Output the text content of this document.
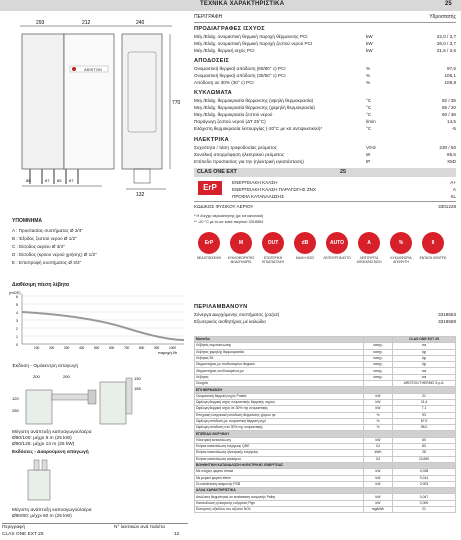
ΤΕΧΝΙΚΑ ΧΑΡΑΚΤΗΡΙΣΤΙΚΑ	25
293	212	240
770
ARISTON
85	67 65 67
132
ΥΠΟΜΝΗΜΑ
A : Προστασίας συστήματος Ø 3/4"
B : Έξοδος ζεστού νερού Ø 1/2"
C : Είσοδος αερίου Ø 3/4"
D : Είσοδος (κρύου νερού χρήσης) Ø 1/2"
E : Επιστροφή συστήματος Ø 3/4"
Διαθέσιμη πίεση λέβητα
(mCE)
παροχή l/h
6
5
4
3
2
1
0
100	200	300	400	500	600	700	800	900	1000
Έκδοση - Ομόκεντρη απαγωγή
200	200	130
155
120
250
Μέγιστη ανάπτυξη καπναγωγού/αέρα
Ø60/100: μέχρι 6 m (25 kW)
Ø80/125: μέχρι 13 m (25 kW)
Εκδόσεις - Διαιρούμενη απαγωγή
Μέγιστη ανάπτυξη καπναγωγού/αέρα
Ø80/80: μέχρι 60 m (25 kW)
Περιγραφή	Ν° λεκτικών ανά παλέτα
CLAS ONE EXT 25	12
ΠΕΡΙΓΡΑΦΗ	Υδροστατής
ΠΡΟΔΙΑΓΡΑΦΕΣ ΙΣΧΥΟΣ
Μέγ./Ελάχ. ονομαστική θερμική παροχή θέρμανσης PCI	kW	22,0 / 3,7
Μέγ./Ελάχ. ονομαστική θερμική παροχή ζεστού νερού PCI	kW	26,0 / 3,7
Μέγ./Ελάχ. θερμική ισχύς PCI	kW	21,5 / 3,5
ΑΠΟΔΟΣΕΙΣ
Ονομαστική θερμική απόδοση (60/80° c) PCI	%	97,6
Ονομαστική θερμική απόδοση (30/50° c) PCI	%	106,1
Απόδοση σε 30% (30° c) PCI	%	109,8
ΚΥΚΛΩΜΑΤΑ
Μεγ./Ελάχ. θερμοκρασία θέρμανσης (υψηλή θερμοκρασία)	°C	82 / 35
Μεγ./Ελάχ. θερμοκρασία θέρμανσης (χαμηλή θερμοκρασία)	°C	65 / 20
Μεγ./Ελάχ. θερμοκρασία ζεστού νερού	°C	60 / 36
Παράγωγη ζεστού νερού (ΔΤ 25°C)	l/min	14,5
Ελάχιστη θερμοκρασία λειτουργίας (-20°C με κιτ αντιψυκτικού)*	°C	-5
ΗΛΕΚΤΡΙΚΑ
Συχνότητα / τάση τροφοδοσίας ρεύματος	V/Hz	230 / 50
Συνολική απορρόφηση ηλεκτρικού ρεύματος	W	85,6
Επίπεδο προστασίας για την (ηλεκτρική εγκατάσταση)	IP	X5D
CLAS ONE EXT	25
ErP
ΕΝΕΡΓΕΙΑΚΗ ΚΛΑΣΗ	A+
ΕΝΕΡΓΕΙΑΚΗ ΚΛΑΣΗ ΠΑΡΑΓΩΓΗΣ ZNX	A
ΠΡΟΦΙΛ ΚΑΤΑΝΑΛΩΣΗΣ	XL
ΚΩΔΙΚΟΣ ΦΥΣΙΚΟΥ ΑΕΡΙΟΥ	3301228
* Η έλεγχο αεριοκίνησης (με κιτ κανονικό)
** -20 °C με το κιτ κατά παγετού 3318594
ErP	M	OUT	dB	AUTO	A	%	II
ΝΕΑ ΕΠΙΣΚΕΨΗ	ΚΥΚΛΟΦΟΡΗΤΗΣ ΜΟΔΟΥΛΑΡΕΙ
ΕΞΩΤΕΡΙΚΗ ΕΓΚΑΤΑΣΤΑΣΗ
ΚΑΛΗ ΗΧΟΣ	ΛΕΙΤΟΥΡΓΙΑ ΑΥΤΟ	ΛΕΙΤΟΥΡΓΙΑ ΑΠΟΚΑΤΑΣΤΑΣΗ
ΚΥΚΛΟΦΟΡΙΑ ΑΠΟΦΥΓΗ
ΕΝΤΑΞΗ ΚΕΝΤΡΟ
ΠΕΡΙΛΑΜΒΑΝΟΥΝ
Σύνεργα Διερχόμενης συστήματος (ρ1/ρ2)	3318653
Εξωτερικός αισθητήρας μέ καλώδιο	3318588
Μοντέλο		CLAS ONE EXT 25
Λέβητας συμπύκνωσης	κατηγ.	ναι
Λέβητας χαμηλής θερμοκρασίας	κατηγ.	όχι
Λέβητας B1	κατηγ.	όχι
Θερμαντήρας με συνδυασμένο θερμικό	κατηγ.	όχι
Θερμαντήρας συνδυασμένος με	κατηγ.	ναι
Λέβητας	κατηγ.	ναι
Στοιχεία		ARISTON THERMO S.p.A.
ΕΠΙ ΘΕΡΜΑΝΣΗ		
Ονομαστική θερμική ισχύς Prated	kW	21
Ωφέλιμη θερμική ισχύς ονομαστικής θερμικής ισχύος	kW	21,4
Ωφέλιμη θερμική ισχύς σε 30% της ονομαστικής	kW	7,1
Εποχιακή ενεργειακή απόδοση θέρμανσης χώρου ηs	%	93
Ωφέλιμη απόδοση με ονομαστική θερμική ισχύ	%	87,9
Ωφέλιμη απόδοση στο 30% της ονομαστικής	%	98,0
ΕΠΙΠΕΔΟ ΘΟΡΥΒΟΥ		
Ηλεκτρική κατανάλωση	kW	60
Ετήσια κατανάλωση ενέργειας QHE	GJ	83
Ετήσια κατανάλωση ηλεκτρικής ενέργειας	kWh	28
Ετήσια κατανάλωση καυσίμου	GJ	23,690
ΒΟΗΘΗΤΙΚΗ ΚΑΤΑΝΑΛΩΣΗ ΗΛΕΚΤΡΙΚΗΣ ΕΝΕΡΓΕΙΑΣ		
Με πλήρες φορτίο elmax	kW	0,038
Με μερικό φορτίο elmin	kW	0,014
Σε κατάσταση αναμονής PSB	kW	0,003
ΑΛΛΑ ΧΑΡΑΚΤΗΡΙΣΤΙΚΑ		
Απώλειες θερμότητας σε κατάσταση αναμονής Pstby	kW	0,047
Κατανάλωση ηλεκτρικής ενέργειας Pign	kW	0,000
Εκπομπές οξειδίων του αζώτου NOx	mg/kWh	21
